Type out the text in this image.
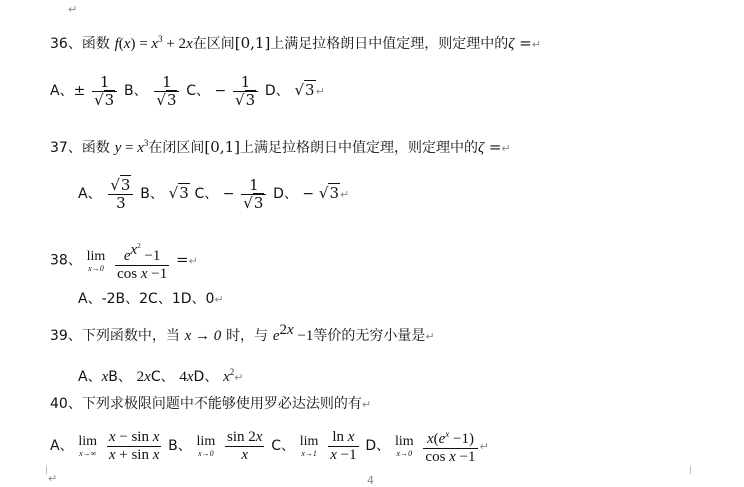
↵
36、函数 $f(x) = x^3 + 2x$在区间[0,1]上满足拉格朗日中值定理，则定理中的ζ =↵
A、± $\frac{1}{√3}$ B、 $\frac{1}{√3}$ C、 − $\frac{1}{√3}$ D、 √3↵
37、函数 $y = x^3$在闭区间[0,1]上满足拉格朗日中值定理，则定理中的ζ =↵
A、 $\frac{√3}{3}$ B、 √3 C、 − $\frac{1}{√3}$ D、 − √3↵
38、 lim
x→0
$\frac{e^{x^2} -1}{\text{cos x −1}}$ =↵
A、-2B、2C、1D、0↵
39、下列函数中，当 x → 0 时，与 $e^{2x} -1$等价的无穷小量是↵
A、xB、 2xC、 4xD、 $x^2↵$
40、下列求极限问题中不能够使用罗必达法则的有↵
A、 lim
x→∞
$\frac{\text{x − sin x}}{\text{x + sin x}}$ B、 lim
x→0
$\frac{\sin 2x}{x}$ C、 lim
x→1
$\frac{\text{ln x}}{x -1}$ D、 lim
x→0
$\frac{x(e^x -1)}{\text{cos x −1}}$ ↵
↵	4
